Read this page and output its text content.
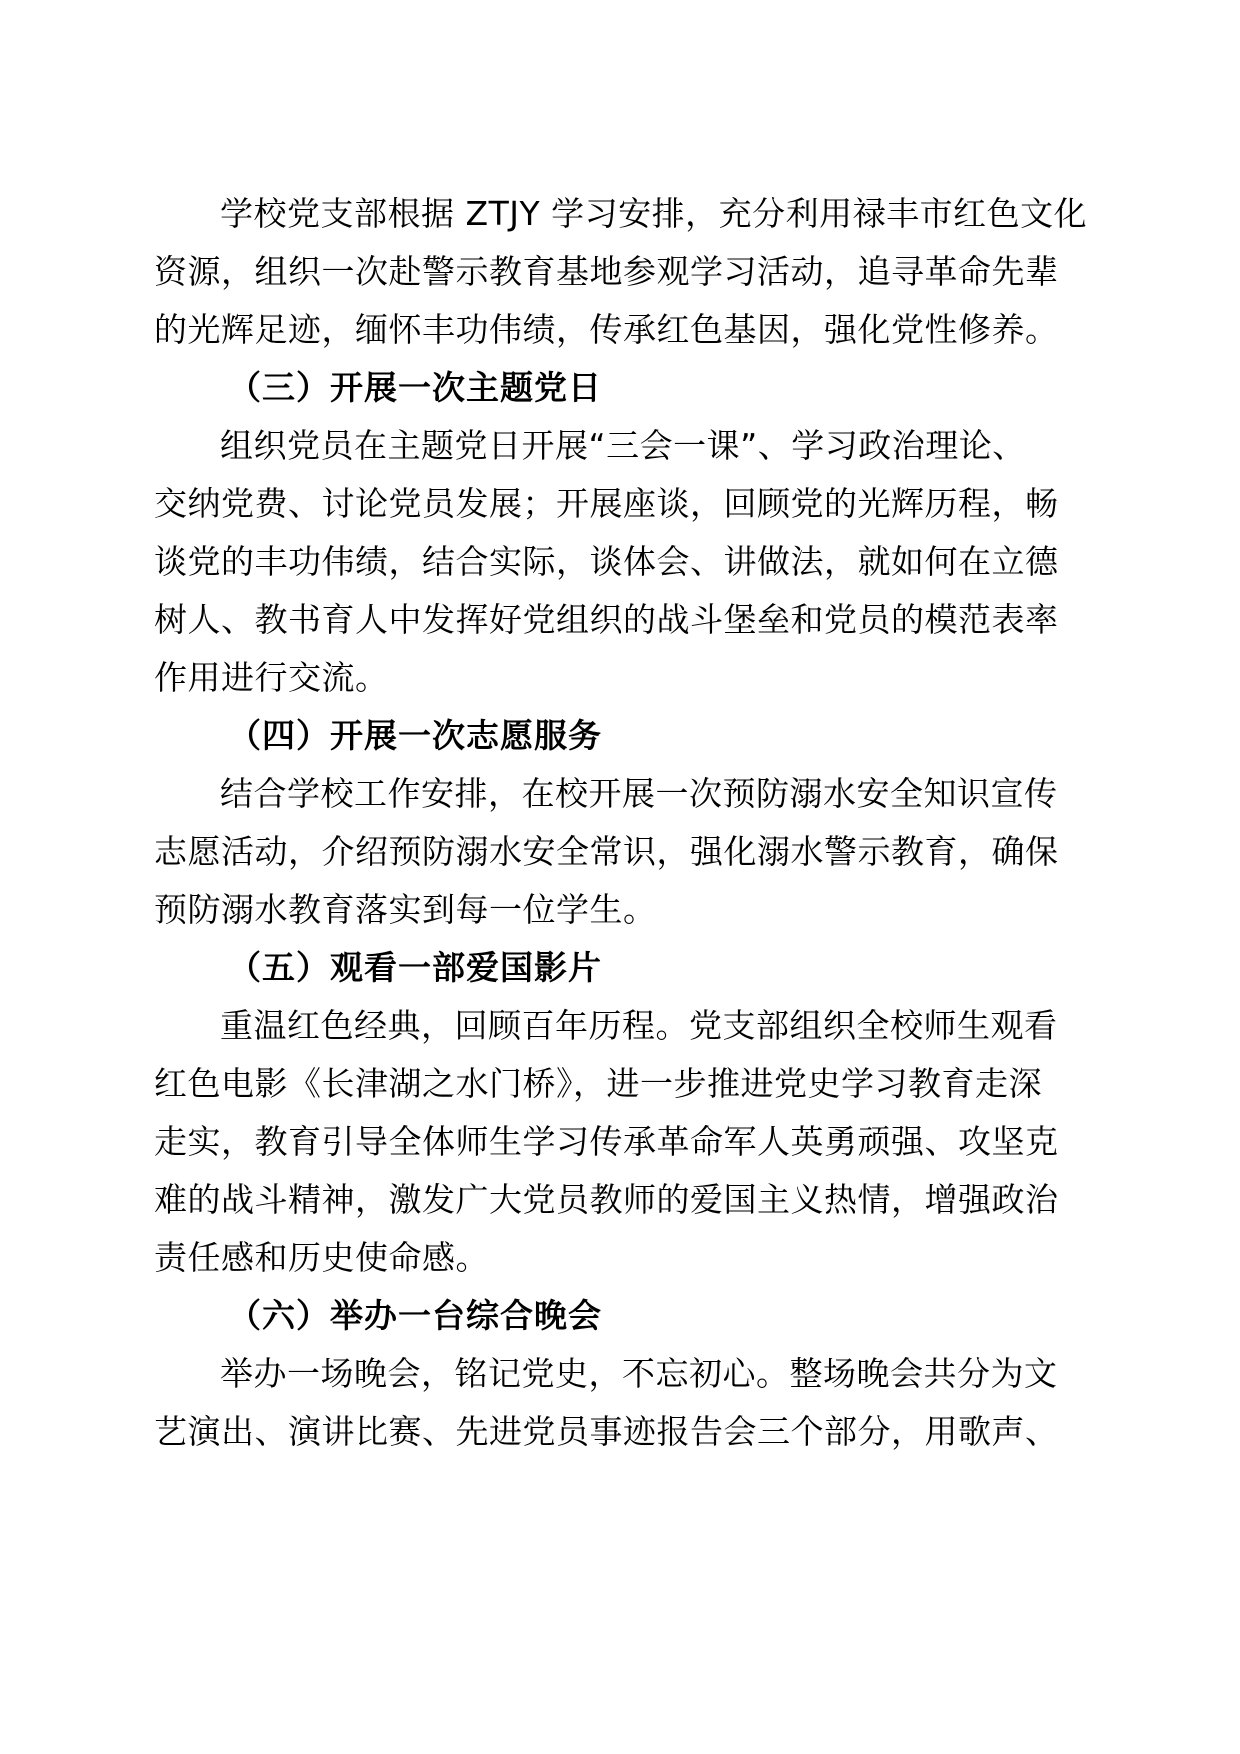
学校党支部根据 ZTJY 学习安排，充分利用禄丰市红色文化
资源，组织一次赴警示教育基地参观学习活动，追寻革命先辈
的光辉足迹，缅怀丰功伟绩，传承红色基因，强化党性修养。
（三）开展一次主题党日
组织党员在主题党日开展“三会一课”、学习政治理论、
交纳党费、讨论党员发展；开展座谈，回顾党的光辉历程，畅
谈党的丰功伟绩，结合实际，谈体会、讲做法，就如何在立德
树人、教书育人中发挥好党组织的战斗堡垒和党员的模范表率
作用进行交流。
（四）开展一次志愿服务
结合学校工作安排，在校开展一次预防溺水安全知识宣传
志愿活动，介绍预防溺水安全常识，强化溺水警示教育，确保
预防溺水教育落实到每一位学生。
（五）观看一部爱国影片
重温红色经典，回顾百年历程。党支部组织全校师生观看
红色电影《长津湖之水门桥》，进一步推进党史学习教育走深
走实，教育引导全体师生学习传承革命军人英勇顽强、攻坚克
难的战斗精神，激发广大党员教师的爱国主义热情，增强政治
责任感和历史使命感。
（六）举办一台综合晚会
举办一场晚会，铭记党史，不忘初心。整场晚会共分为文
艺演出、演讲比赛、先进党员事迹报告会三个部分，用歌声、
